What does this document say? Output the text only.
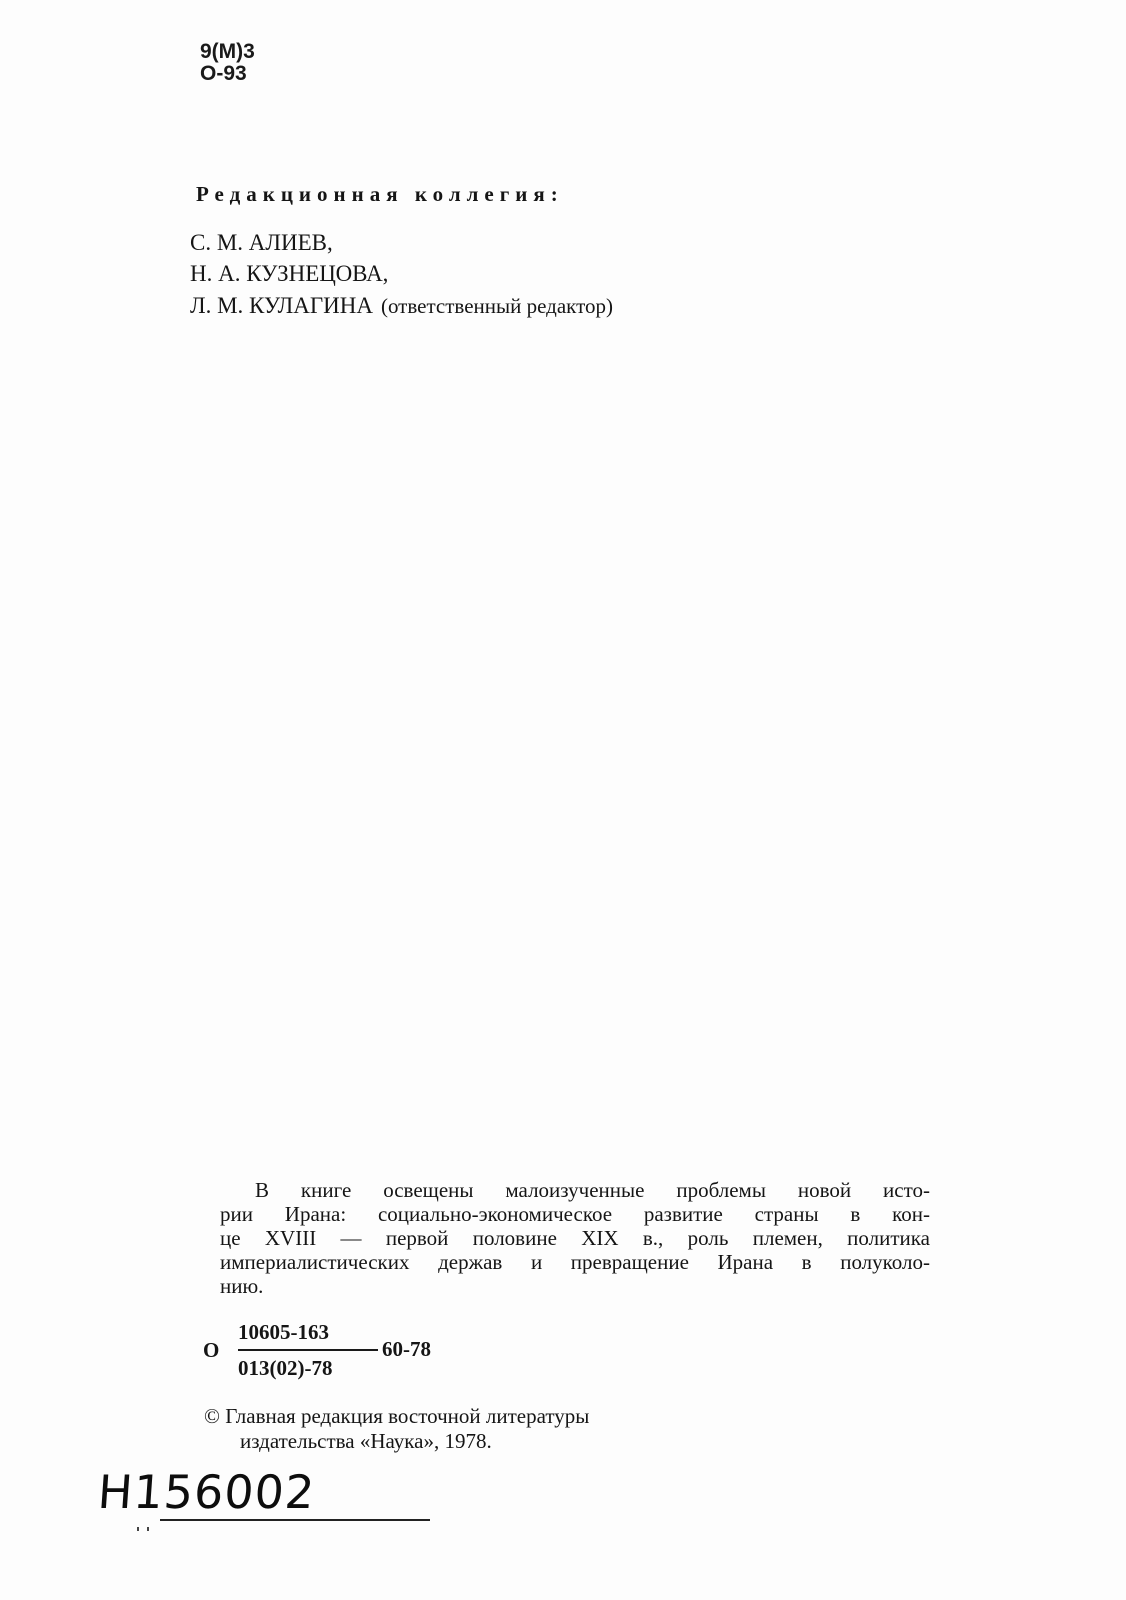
9(М)3
О-93
Редакционная коллегия:
С. М. АЛИЕВ,
Н. А. КУЗНЕЦОВА,
Л. М. КУЛАГИНА (ответственный редактор)
В книге освещены малоизученные проблемы новой исто-
рии Ирана: социально-экономическое развитие страны в кон-
це XVIII — первой половине XIX в., роль племен, политика
империалистических держав и превращение Ирана в полуколо-
нию.
О
10605-163
60-78
013(02)-78
© Главная редакция восточной литературы
издательства «Наука», 1978.
H156002
